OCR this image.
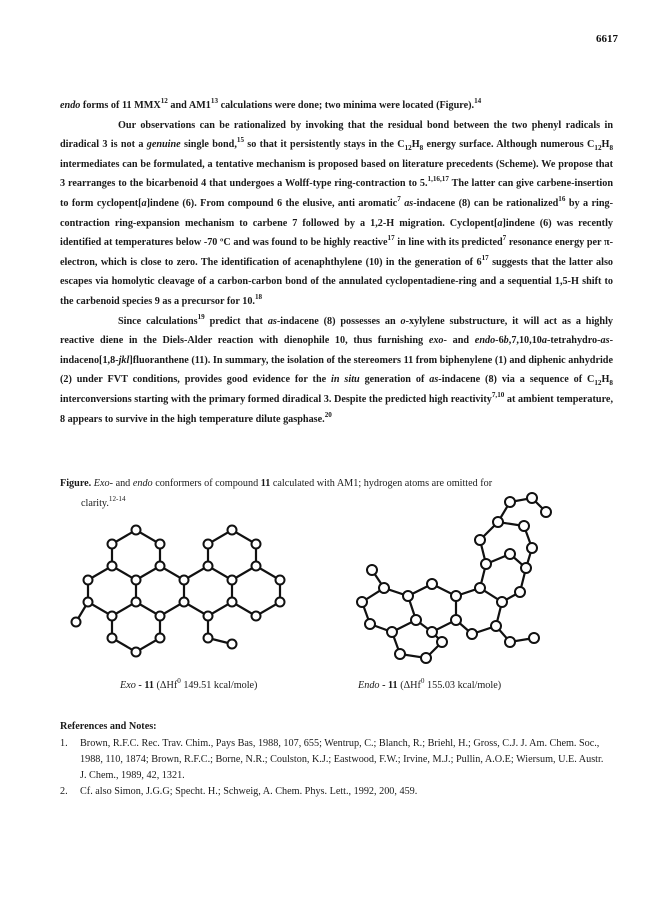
6617

endo forms of 11 MMX$^{12}$ and $AM1^{13}$ calculations were done; two minima were located (Figure).$^{14}$

Our observations can be rationalized by invoking that the residual bond between the two phenyl radicals in diradical 3 is not a genuine single bond,$^{15}$ so that it persistently stays in the $C_{12}H_8$ energy surface. Although numerous $C_{12}H_8$ intermediates can be formulated, a tentative mechanism is proposed based on literature precedents (Scheme). We propose that 3 rearranges to the bicarbenoid 4 that undergoes a Wolff-type ring-contraction to 5.$^{1,16,17}$ The latter can give carbene-insertion to form cyclopent[a]indene (6). From compound 6 the elusive, anti aromatic$^7$ as-indacene (8) can be rationalized$^{16}$ by a ring-contraction ring-expansion mechanism to carbene 7 followed by a 1,2-H migration. Cyclopent[a]indene (6) was recently identified at temperatures below -70 ºC and was found to be highly reactive$^{17}$ in line with its predicted$^7$ resonance energy per π-electron, which is close to zero. The identification of acenaphthylene (10) in the generation of $6^{17}$ suggests that the latter also escapes via homolytic cleavage of a carbon-carbon bond of the annulated cyclopentadiene-ring and a sequential 1,5-H shift to the carbenoid species 9 as a precursor for 10.18

Since calculations$^{19}$ predict that as-indacene (8) possesses an o-xylylene substructure, it will act as a highly reactive diene in the Diels-Alder reaction with dienophile 10, thus furnishing exo- and endo-6b,7,10,10a-tetrahydro-as-indaceno[1,8-jkl]fluoranthene (11). In summary, the isolation of the stereomers 11 from biphenylene (1) and diphenic anhydride (2) under FVT conditions, provides good evidence for the in situ generation of as-indacene (8) via a sequence of $C_{12}H_8$ interconversions starting with the primary formed diradical 3. Despite the predicted high reactivity$^{7,10}$ at ambient temperature, 8 appears to survive in the high temperature dilute gasphase.$^{20}$

Figure. Exo- and endo conformers of compound 11 calculated with AM1; hydrogen atoms are omitted for
clarity.$^{12-14}$
Exo - 11 (ΔHf$^0$ 149.51 kcal/mole)	Endo - 11 (ΔHf$^0$ 155.03 kcal/mole)
References and Notes:
1. Brown, R.F.C. Rec. Trav. Chim., Pays Bas, 1988, 107, 655; Wentrup, C.; Blanch, R.; Briehl, H.; Gross, C.J. J. Am. Chem. Soc., 1988, 110, 1874; Brown, R.F.C.; Borne, N.R.; Coulston, K.J.; Eastwood, F.W.; Irvine, M.J.; Pullin, A.O.E; Wiersum, U.E. Austr. J. Chem., 1989, 42, 1321.
2. Cf. also Simon, J.G.G; Specht. H.; Schweig, A. Chem. Phys. Lett., 1992, 200, 459.
